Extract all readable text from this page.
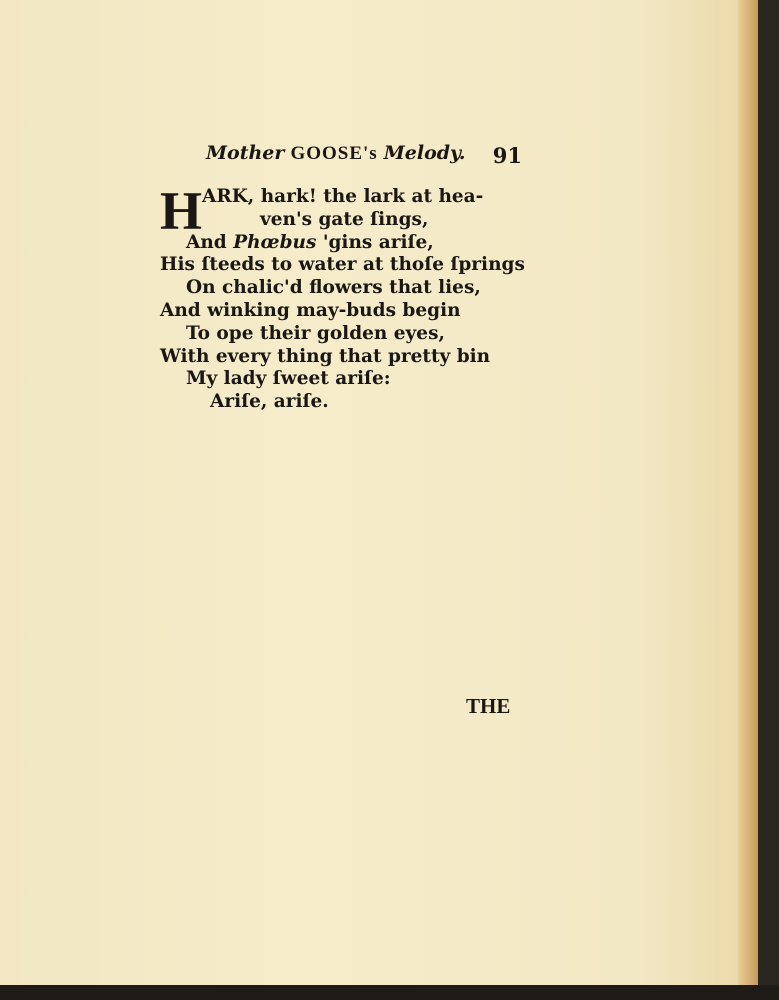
Mother GOOSE's Melody. 91
H ARK, hark! the lark at hea-
ven's gate ſings,
And Phœbus 'gins ariſe,
His ſteeds to water at thoſe ſprings
On chalic'd flowers that lies,
And winking may-buds begin
To ope their golden eyes,
With every thing that pretty bin
My lady ſweet ariſe:
Ariſe, ariſe.
THE
